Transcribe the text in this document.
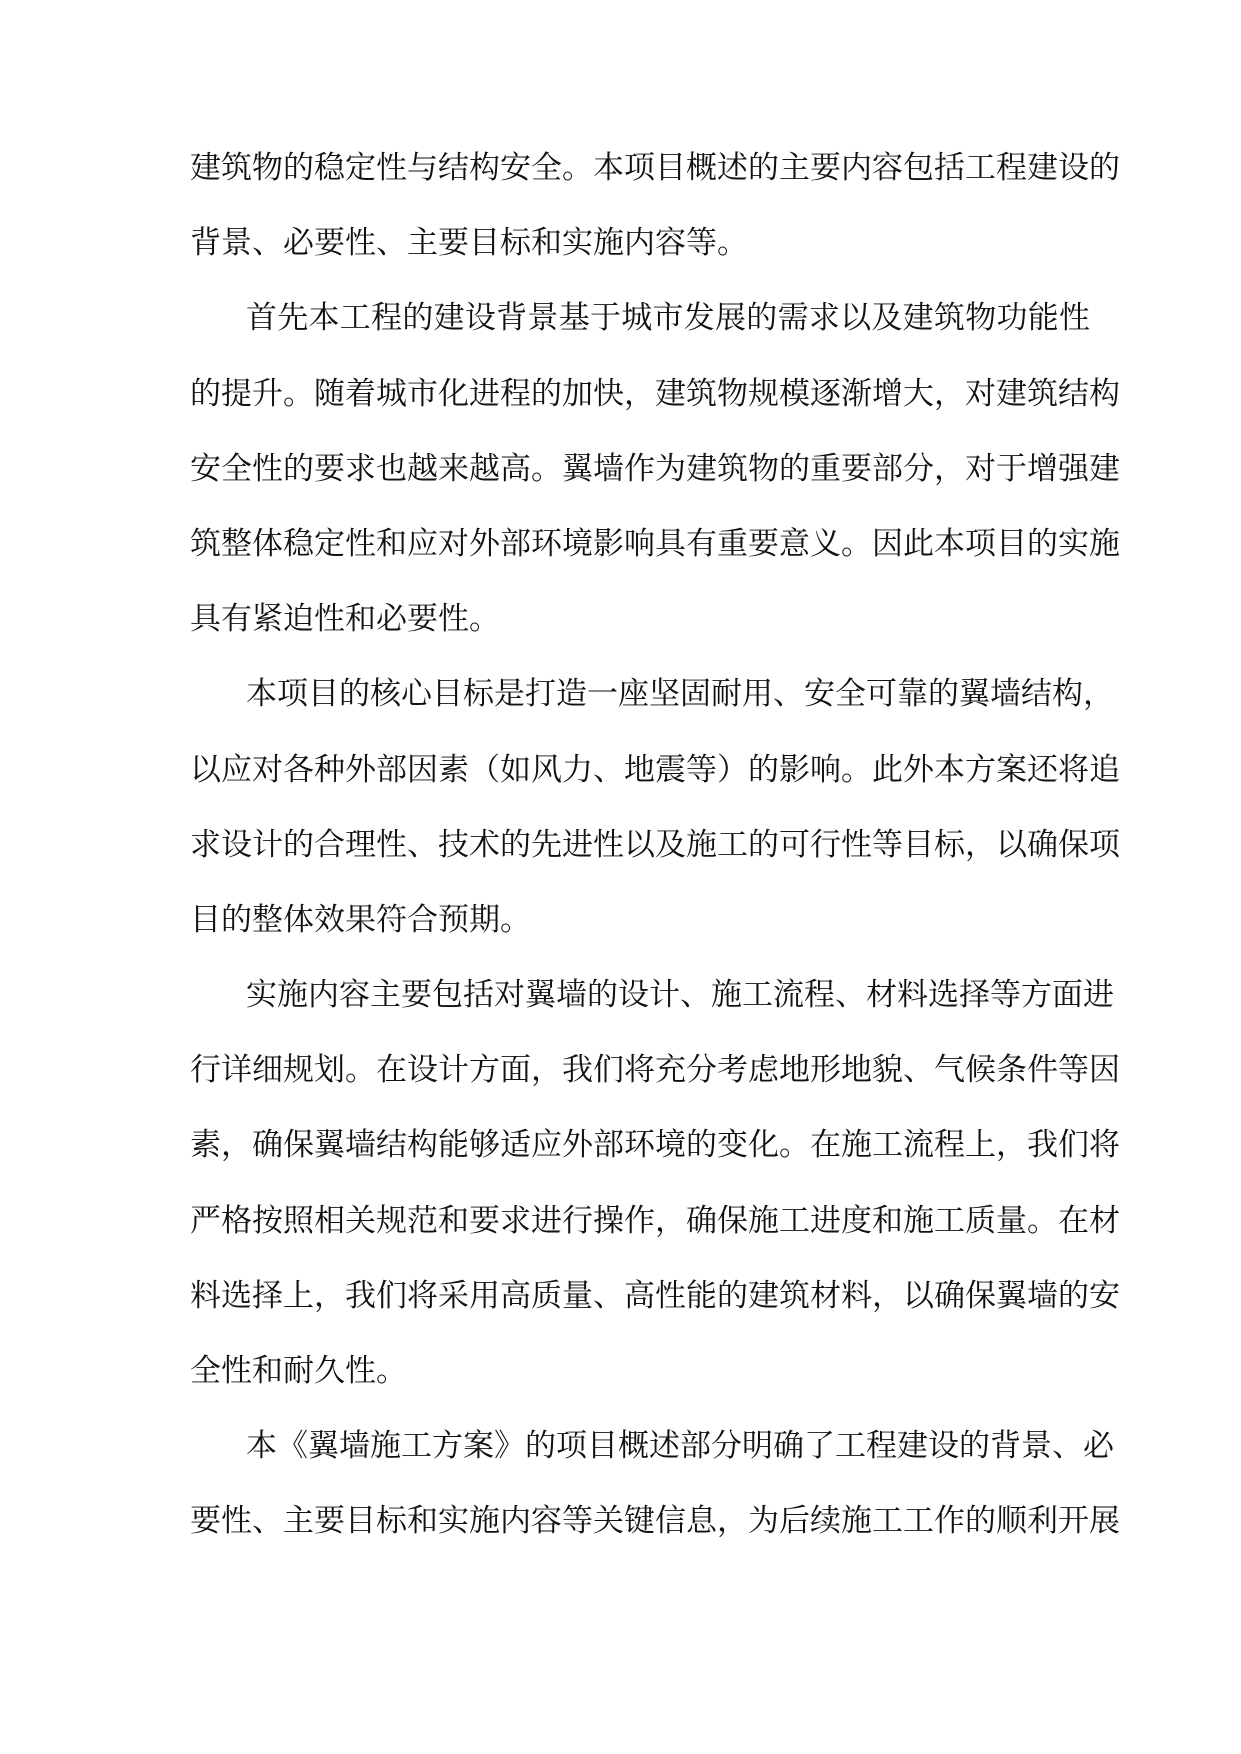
建筑物的稳定性与结构安全。本项目概述的主要内容包括工程建设的
背景、必要性、主要目标和实施内容等。
首先本工程的建设背景基于城市发展的需求以及建筑物功能性
的提升。随着城市化进程的加快，建筑物规模逐渐增大，对建筑结构
安全性的要求也越来越高。翼墙作为建筑物的重要部分，对于增强建
筑整体稳定性和应对外部环境影响具有重要意义。因此本项目的实施
具有紧迫性和必要性。
本项目的核心目标是打造一座坚固耐用、安全可靠的翼墙结构，
以应对各种外部因素（如风力、地震等）的影响。此外本方案还将追
求设计的合理性、技术的先进性以及施工的可行性等目标，以确保项
目的整体效果符合预期。
实施内容主要包括对翼墙的设计、施工流程、材料选择等方面进
行详细规划。在设计方面，我们将充分考虑地形地貌、气候条件等因
素，确保翼墙结构能够适应外部环境的变化。在施工流程上，我们将
严格按照相关规范和要求进行操作，确保施工进度和施工质量。在材
料选择上，我们将采用高质量、高性能的建筑材料，以确保翼墙的安
全性和耐久性。
本《翼墙施工方案》的项目概述部分明确了工程建设的背景、必
要性、主要目标和实施内容等关键信息，为后续施工工作的顺利开展
